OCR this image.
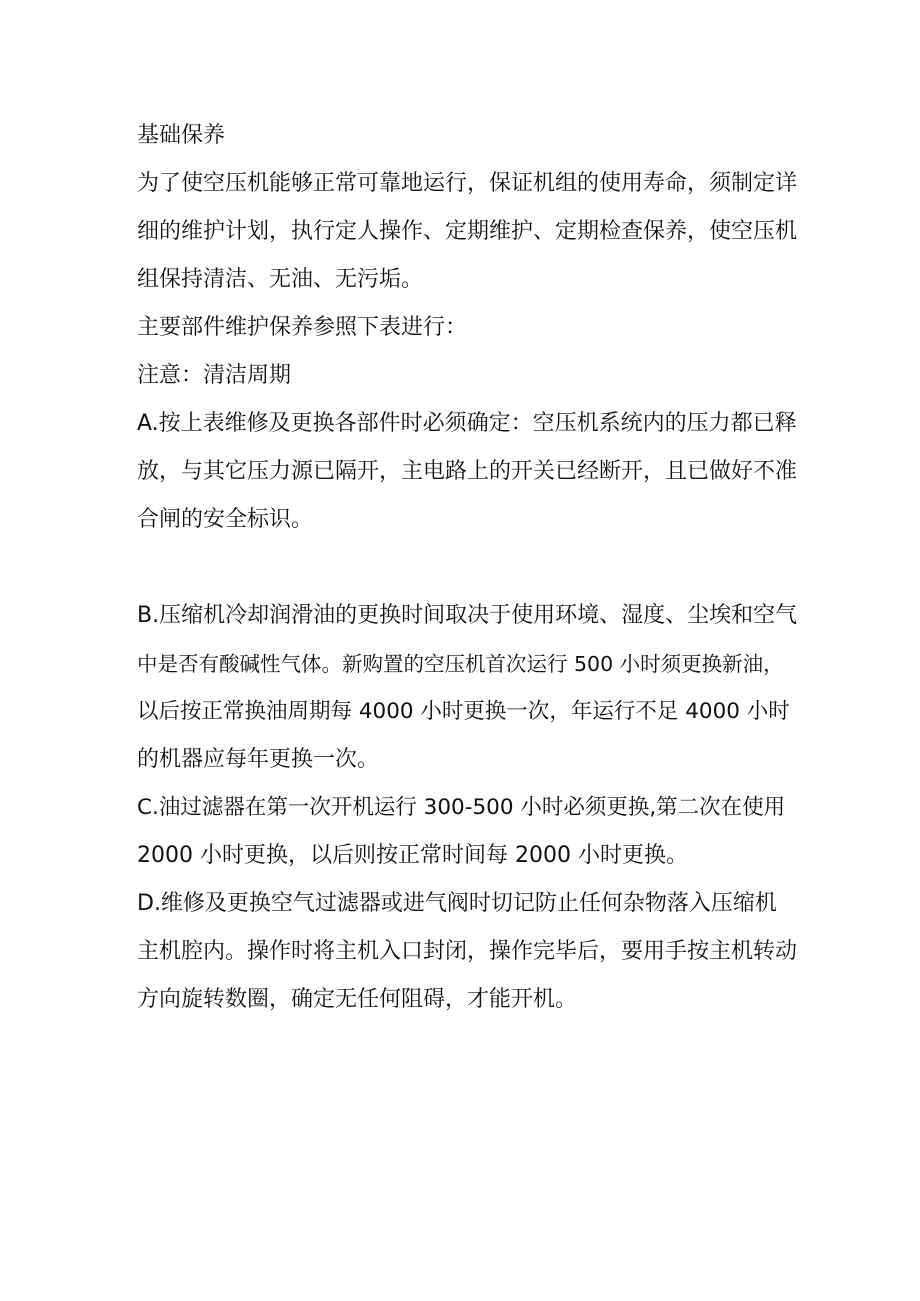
基础保养
为了使空压机能够正常可靠地运行，保证机组的使用寿命，须制定详
细的维护计划，执行定人操作、定期维护、定期检查保养，使空压机
组保持清洁、无油、无污垢。
主要部件维护保养参照下表进行：
注意：清洁周期
A.按上表维修及更换各部件时必须确定：空压机系统内的压力都已释
放，与其它压力源已隔开，主电路上的开关已经断开，且已做好不准
合闸的安全标识。
B.压缩机冷却润滑油的更换时间取决于使用环境、湿度、尘埃和空气
中是否有酸碱性气体。新购置的空压机首次运行 500 小时须更换新油，
以后按正常换油周期每 4000 小时更换一次，年运行不足 4000 小时
的机器应每年更换一次。
C.油过滤器在第一次开机运行 300-500 小时必须更换,第二次在使用
2000 小时更换，以后则按正常时间每 2000 小时更换。
D.维修及更换空气过滤器或进气阀时切记防止任何杂物落入压缩机
主机腔内。操作时将主机入口封闭，操作完毕后，要用手按主机转动
方向旋转数圈，确定无任何阻碍，才能开机。
